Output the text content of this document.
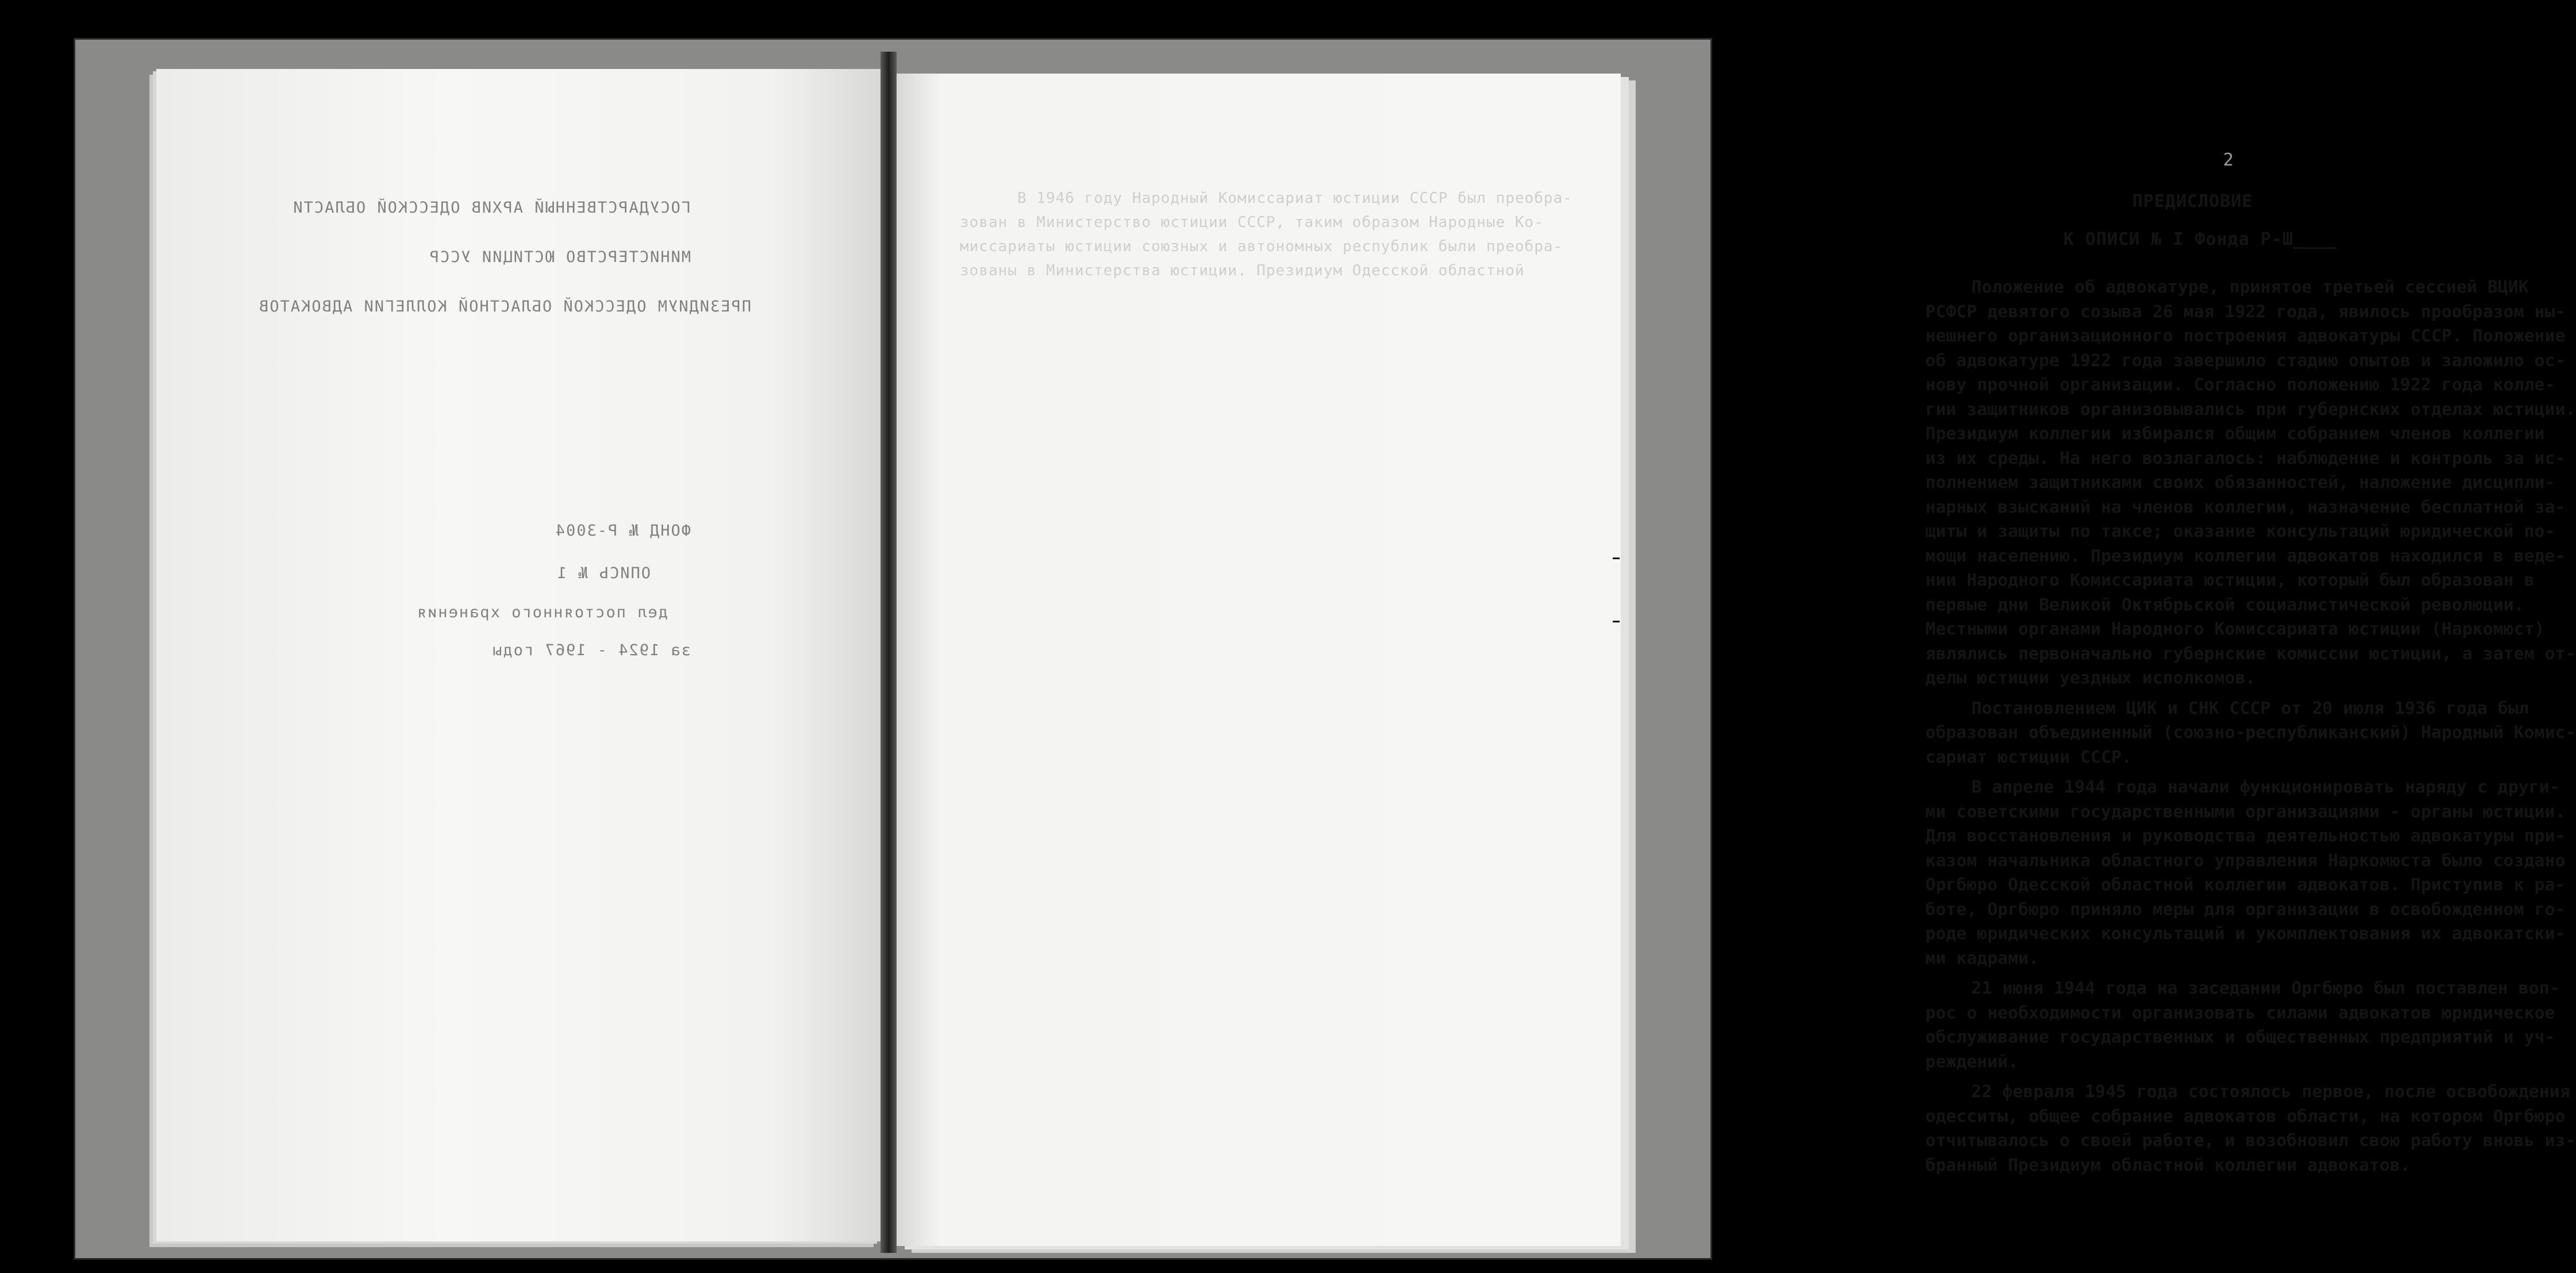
ГОСУДАРСТВЕННЫЙ АРХИВ ОДЕССКОЙ ОБЛАСТИ
МИНИСТЕРСТВО ЮСТИЦИИ УССР
ПРЕЗИДИУМ ОДЕССКОЙ ОБЛАСТНОЙ КОЛЛЕГИИ АДВОКАТОВ
ФОНД № Р-3004
ОПИСЬ № 1
дел постоянного хранения
за 1924 - 1967 годы
В 1946 году Народный Комиссариат юстиции СССР был преобра-
зован в Министерство юстиции СССР, таким образом Народные Ко-
миссариаты юстиции союзных и автономных республик были преобра-
зованы в Министерства юстиции. Президиум Одесской областной
2
ПРЕДИСЛОВИЕ
К ОПИСИ № I Фонда Р-Ш____

Положение об адвокатуре, принятое третьей сессией ВЦИК
РСФСР девятого созыва 26 мая 1922 года, явилось прообразом ны-
нешнего организационного построения адвокатуры СССР. Положение
об адвокатуре 1922 года завершило стадию опытов и заложило ос-
нову прочной организации. Согласно положению 1922 года колле-
гии защитников организовывались при губернских отделах юстиции.
Президиум коллегии избирался общим собранием членов коллегии
из их среды. На него возлагалось: наблюдение и контроль за ис-
полнением защитниками своих обязанностей, наложение дисципли-
нарных взысканий на членов коллегии, назначение бесплатной за-
щиты и защиты по таксе; оказание консультаций юридической по-
мощи населению. Президиум коллегии адвокатов находился в веде-
нии Народного Комиссариата юстиции, который был образован в
первые дни Великой Октябрьской социалистической революции.
Местными органами Народного Комиссариата юстиции (Наркомюст)
являлись первоначально губернские комиссии юстиции, а затем от-
делы юстиции уездных исполкомов.

Постановлением ЦИК и СНК СССР от 20 июля 1936 года был
образован объединенный (союзно-республиканский) Народный Комис-
сариат юстиции СССР.

В апреле 1944 года начали функционировать наряду с други-
ми советскими государственными организациями - органы юстиции.
Для восстановления и руководства деятельностью адвокатуры при-
казом начальника областного управления Наркомюста было создано
Оргбюро Одесской областной коллегии адвокатов. Приступив к ра-
боте, Оргбюро приняло меры для организации в освобожденном го-
роде юридических консультаций и укомплектования их адвокатски-
ми кадрами.

21 июня 1944 года на заседании Оргбюро был поставлен воп-
рос о необходимости организовать силами адвокатов юридическое
обслуживание государственных и общественных предприятий и уч-
реждений.

22 февраля 1945 года состоялось первое, после освобождения
одесситы, общее собрание адвокатов области, на котором Оргбюро
отчитывалось о своей работе, и возобновил свою работу вновь из-
бранный Президиум областной коллегии адвокатов.
